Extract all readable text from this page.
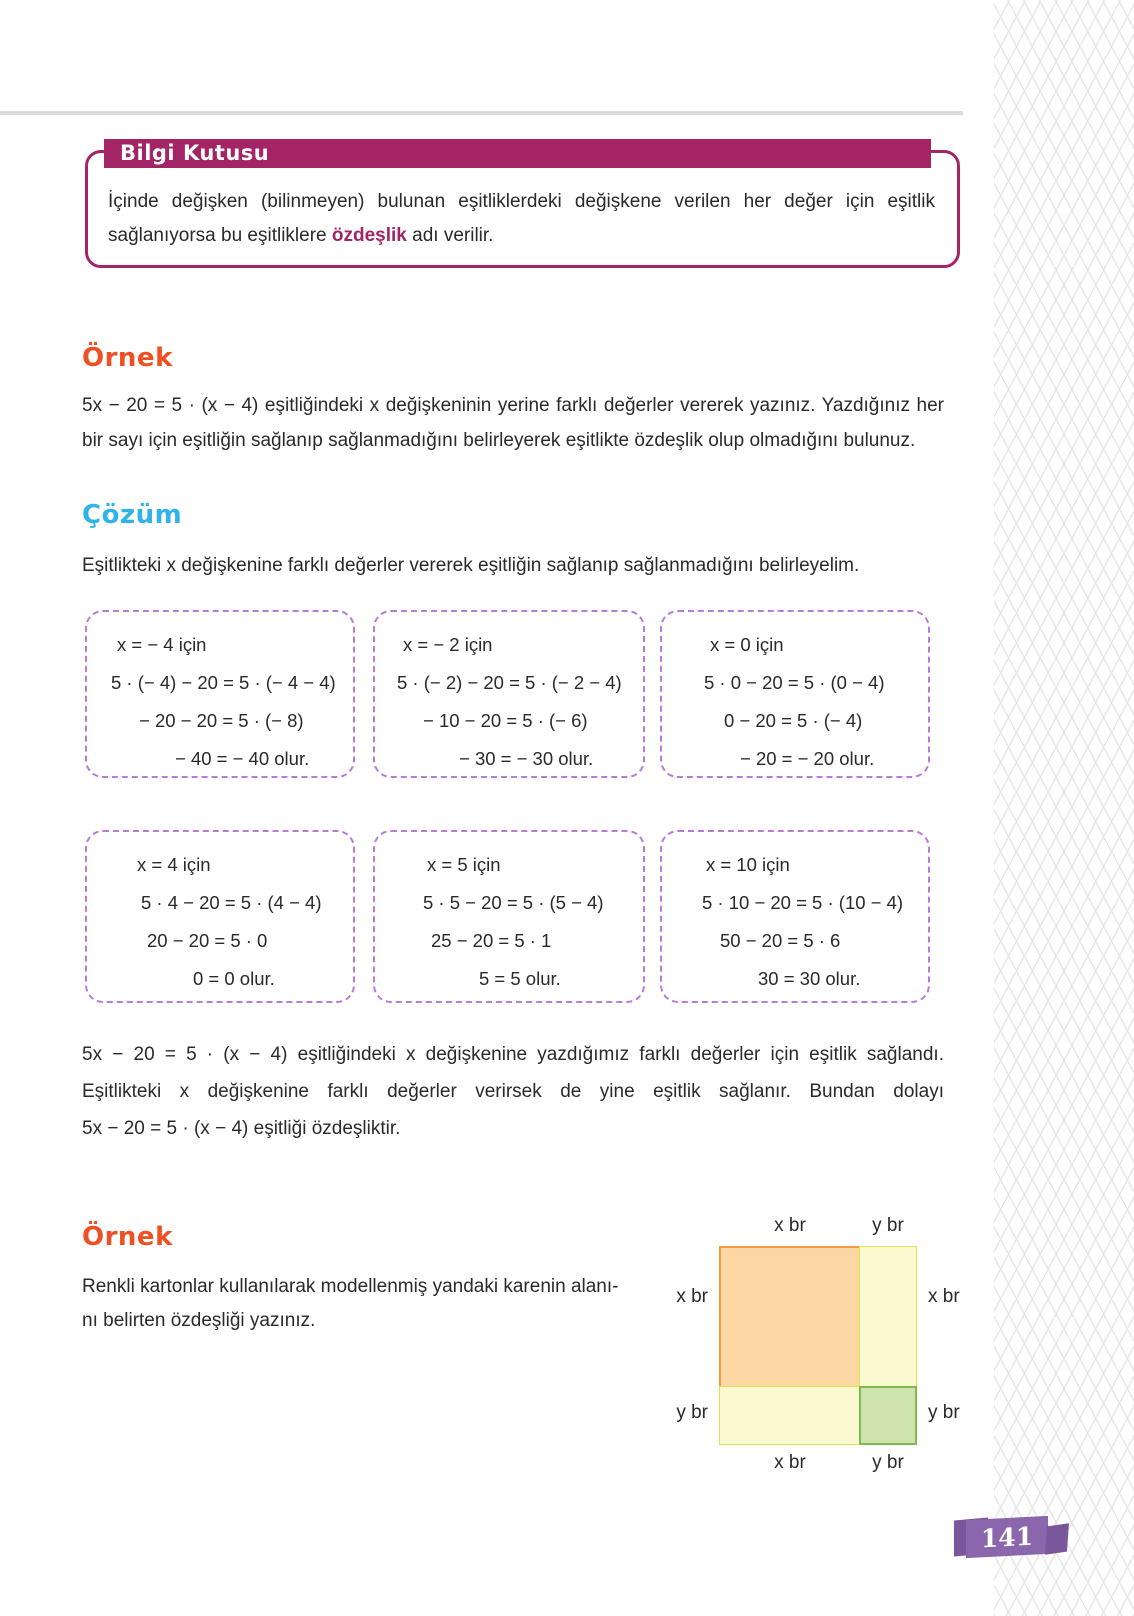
Bilgi Kutusu
İçinde değişken (bilinmeyen) bulunan eşitliklerdeki değişkene verilen her değer için eşitlik sağlanıyorsa bu eşitliklere özdeşlik adı verilir.
Örnek
5x − 20 = 5 · (x − 4) eşitliğindeki x değişkeninin yerine farklı değerler vererek yazınız. Yazdığınız her bir sayı için eşitliğin sağlanıp sağlanmadığını belirleyerek eşitlikte özdeşlik olup olmadığını bulunuz.
Çözüm
Eşitlikteki x değişkenine farklı değerler vererek eşitliğin sağlanıp sağlanmadığını belirleyelim.
x = − 4 için
5 · (− 4) − 20 = 5 · (− 4 − 4)
− 20 − 20 = 5 · (− 8)
− 40 = − 40 olur.
x = − 2 için
5 · (− 2) − 20 = 5 · (− 2 − 4)
− 10 − 20 = 5 · (− 6)
− 30 = − 30 olur.
x = 0 için
5 · 0 − 20 = 5 · (0 − 4)
0 − 20 = 5 · (− 4)
− 20 = − 20 olur.
x = 4 için
5 · 4 − 20 = 5 · (4 − 4)
20 − 20 = 5 · 0
0 = 0 olur.
x = 5 için
5 · 5 − 20 = 5 · (5 − 4)
25 − 20 = 5 · 1
5 = 5 olur.
x = 10 için
5 · 10 − 20 = 5 · (10 − 4)
50 − 20 = 5 · 6
30 = 30 olur.
5x − 20 = 5 · (x − 4) eşitliğindeki x değişkenine yazdığımız farklı değerler için eşitlik sağlandı. Eşitlikteki x değişkenine farklı değerler verirsek de yine eşitlik sağlanır. Bundan dolayı 5x − 20 = 5 · (x − 4) eşitliği özdeşliktir.
Örnek
Renkli kartonlar kullanılarak modellenmiş yandaki karenin alanı-
nı belirten özdeşliği yazınız.
x br	y br
x br
y br
x br
y br
x br	y br
141
